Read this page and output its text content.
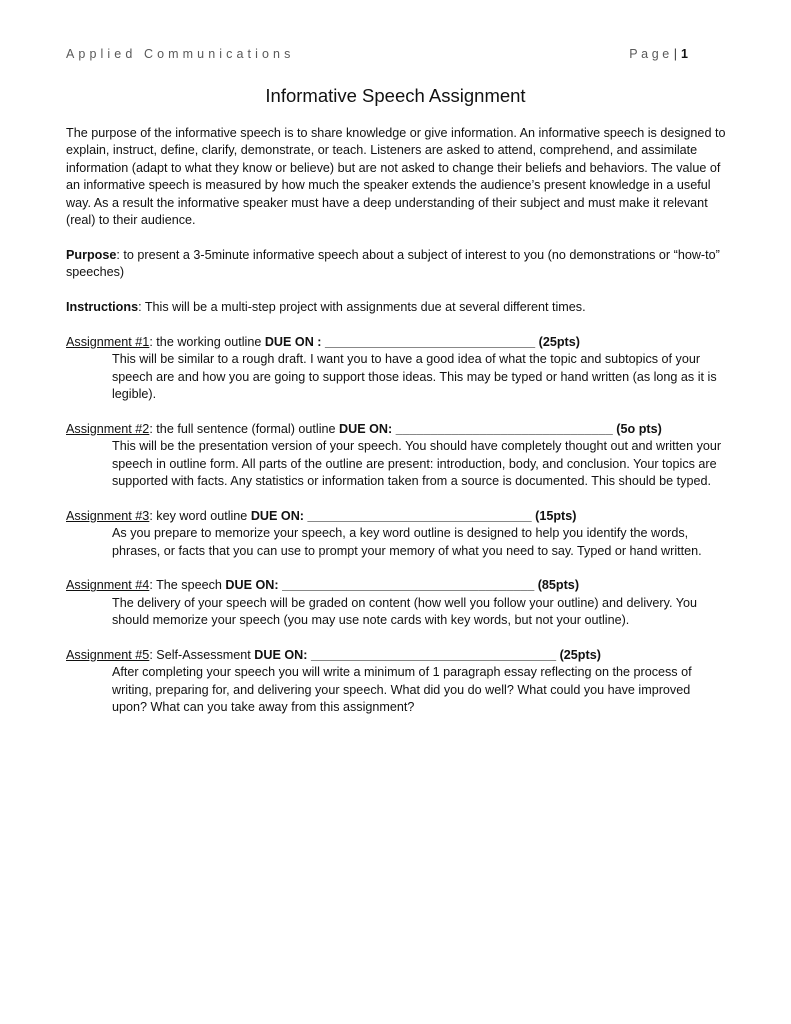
Applied Communications	Page| 1
Informative Speech Assignment

The purpose of the informative speech is to share knowledge or give information. An informative speech is designed to explain, instruct, define, clarify, demonstrate, or teach. Listeners are asked to attend, comprehend, and assimilate information (adapt to what they know or believe) but are not asked to change their beliefs and behaviors. The value of an informative speech is measured by how much the speaker extends the audience’s present knowledge in a useful way. As a result the informative speaker must have a deep understanding of their subject and must make it relevant (real) to their audience.

Purpose: to present a 3-5minute informative speech about a subject of interest to you (no demonstrations or “how-to” speeches)

Instructions: This will be a multi-step project with assignments due at several different times.

Assignment #1: the working outline DUE ON : ______________________________ (25pts)

This will be similar to a rough draft. I want you to have a good idea of what the topic and subtopics of your speech are and how you are going to support those ideas. This may be typed or hand written (as long as it is legible).

Assignment #2: the full sentence (formal) outline DUE ON: _______________________________ (5o pts)

This will be the presentation version of your speech. You should have completely thought out and written your speech in outline form. All parts of the outline are present: introduction, body, and conclusion. Your topics are supported with facts. Any statistics or information taken from a source is documented. This should be typed.

Assignment #3: key word outline DUE ON: ________________________________ (15pts)

As you prepare to memorize your speech, a key word outline is designed to help you identify the words, phrases, or facts that you can use to prompt your memory of what you need to say. Typed or hand written.

Assignment #4: The speech DUE ON: ____________________________________ (85pts)

The delivery of your speech will be graded on content (how well you follow your outline) and delivery. You should memorize your speech (you may use note cards with key words, but not your outline).

Assignment #5: Self-Assessment DUE ON: ___________________________________ (25pts)

After completing your speech you will write a minimum of 1 paragraph essay reflecting on the process of writing, preparing for, and delivering your speech. What did you do well? What could you have improved upon? What can you take away from this assignment?
